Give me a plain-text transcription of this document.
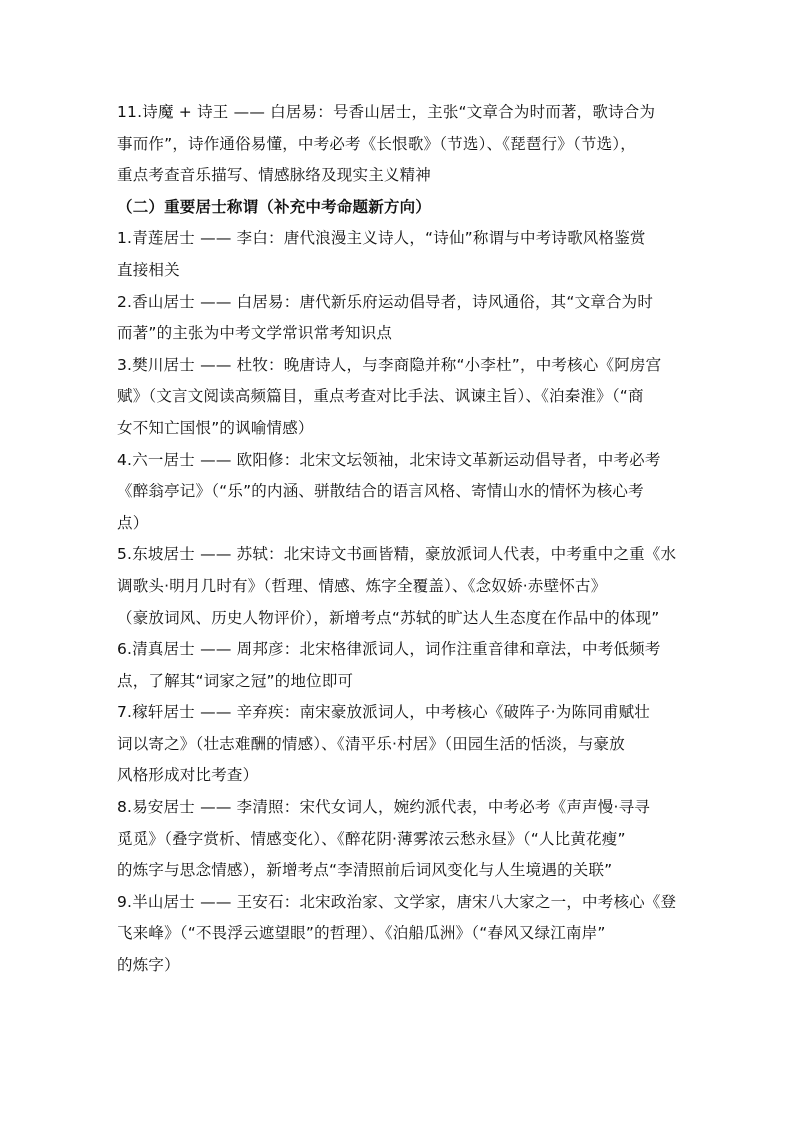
11.诗魔 + 诗王 —— 白居易：号香山居士，主张“文章合为时而著，歌诗合为
事而作”，诗作通俗易懂，中考必考《长恨歌》（节选）、《琵琶行》（节选），
重点考查音乐描写、情感脉络及现实主义精神
（二）重要居士称谓（补充中考命题新方向）
1.青莲居士 —— 李白：唐代浪漫主义诗人，“诗仙”称谓与中考诗歌风格鉴赏
直接相关
2.香山居士 —— 白居易：唐代新乐府运动倡导者，诗风通俗，其“文章合为时
而著”的主张为中考文学常识常考知识点
3.樊川居士 —— 杜牧：晚唐诗人，与李商隐并称“小李杜”，中考核心《阿房宫
赋》（文言文阅读高频篇目，重点考查对比手法、讽谏主旨）、《泊秦淮》（“商
女不知亡国恨”的讽喻情感）
4.六一居士 —— 欧阳修：北宋文坛领袖，北宋诗文革新运动倡导者，中考必考
《醉翁亭记》（“乐”的内涵、骈散结合的语言风格、寄情山水的情怀为核心考
点）
5.东坡居士 —— 苏轼：北宋诗文书画皆精，豪放派词人代表，中考重中之重《水
调歌头·明月几时有》（哲理、情感、炼字全覆盖）、《念奴娇·赤壁怀古》
（豪放词风、历史人物评价），新增考点“苏轼的旷达人生态度在作品中的体现”
6.清真居士 —— 周邦彦：北宋格律派词人，词作注重音律和章法，中考低频考
点，了解其“词家之冠”的地位即可
7.稼轩居士 —— 辛弃疾：南宋豪放派词人，中考核心《破阵子·为陈同甫赋壮
词以寄之》（壮志难酬的情感）、《清平乐·村居》（田园生活的恬淡，与豪放
风格形成对比考查）
8.易安居士 —— 李清照：宋代女词人，婉约派代表，中考必考《声声慢·寻寻
觅觅》（叠字赏析、情感变化）、《醉花阴·薄雾浓云愁永昼》（“人比黄花瘦”
的炼字与思念情感），新增考点“李清照前后词风变化与人生境遇的关联”
9.半山居士 —— 王安石：北宋政治家、文学家，唐宋八大家之一，中考核心《登
飞来峰》（“不畏浮云遮望眼”的哲理）、《泊船瓜洲》（“春风又绿江南岸”
的炼字）
